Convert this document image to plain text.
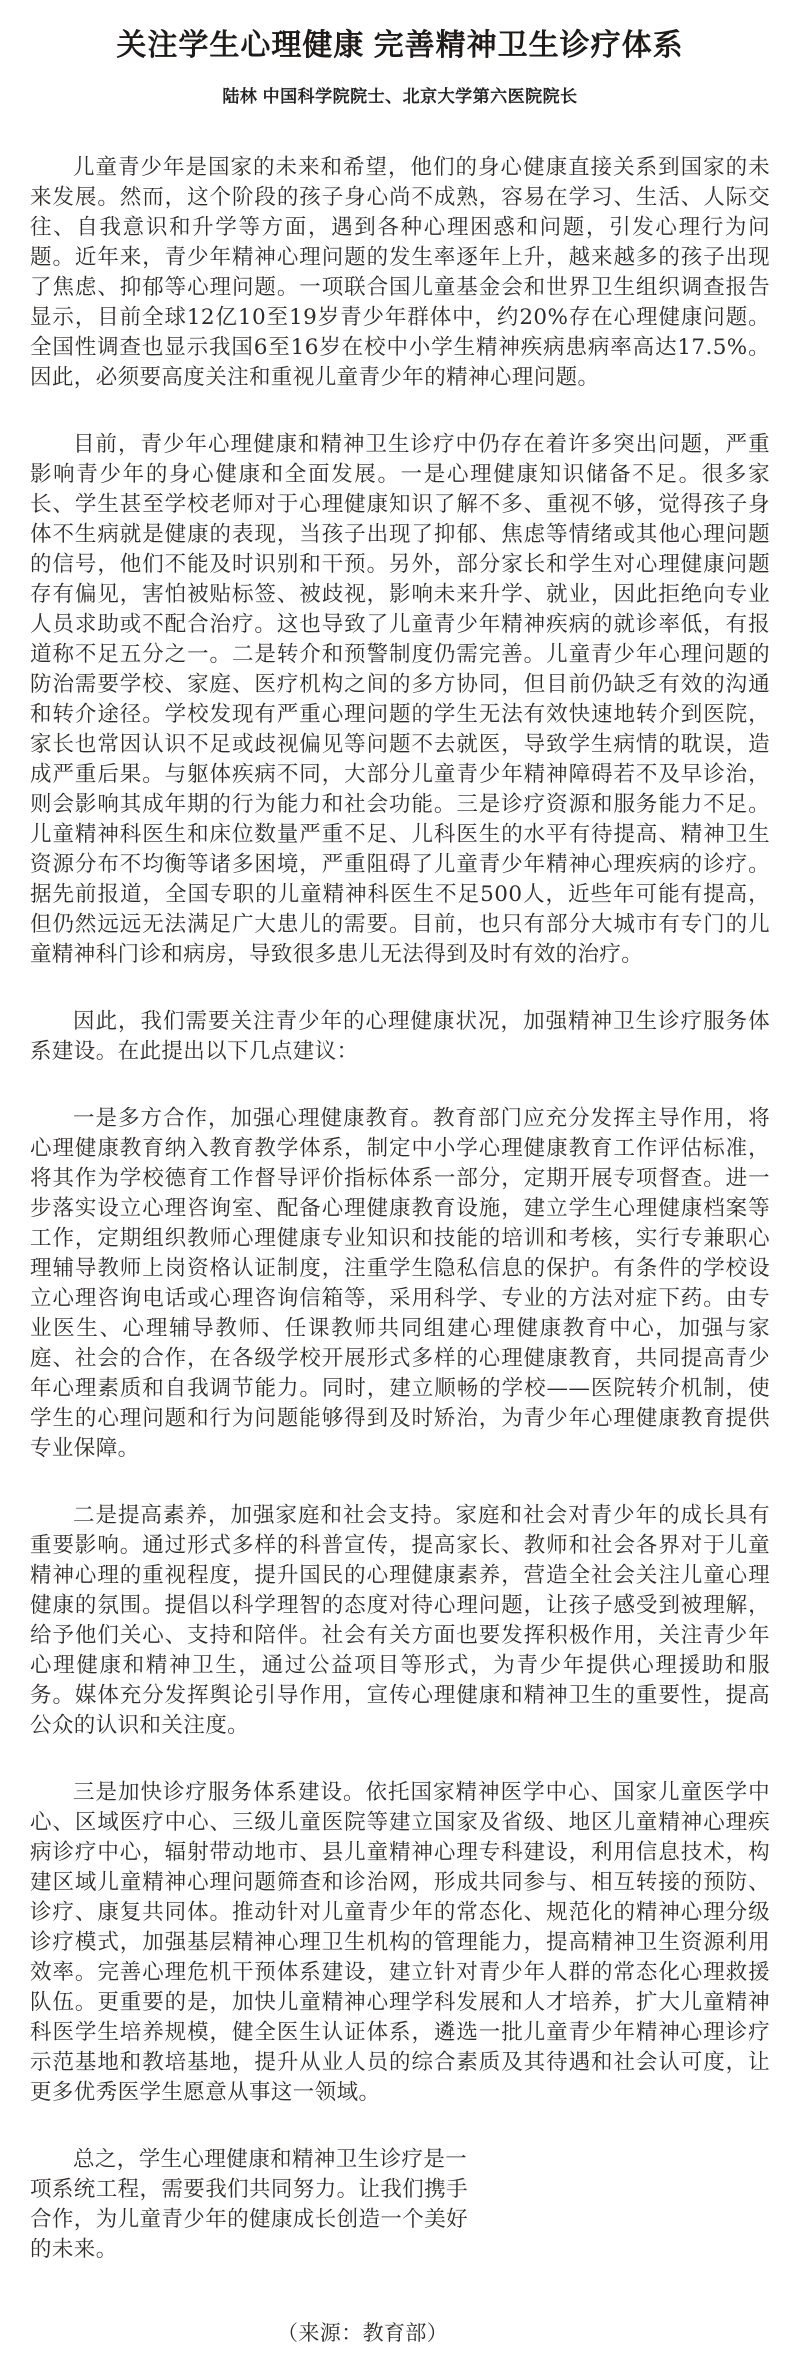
关注学生心理健康 完善精神卫生诊疗体系
陆林 中国科学院院士、北京大学第六医院院长

儿童青少年是国家的未来和希望，他们的身心健康直接关系到国家的未来发展。然而，这个阶段的孩子身心尚不成熟，容易在学习、生活、人际交往、自我意识和升学等方面，遇到各种心理困惑和问题，引发心理行为问题。近年来，青少年精神心理问题的发生率逐年上升，越来越多的孩子出现了焦虑、抑郁等心理问题。一项联合国儿童基金会和世界卫生组织调查报告显示，目前全球12亿10至19岁青少年群体中，约20%存在心理健康问题。全国性调查也显示我国6至16岁在校中小学生精神疾病患病率高达17.5%。因此，必须要高度关注和重视儿童青少年的精神心理问题。

目前，青少年心理健康和精神卫生诊疗中仍存在着许多突出问题，严重影响青少年的身心健康和全面发展。一是心理健康知识储备不足。很多家长、学生甚至学校老师对于心理健康知识了解不多、重视不够，觉得孩子身体不生病就是健康的表现，当孩子出现了抑郁、焦虑等情绪或其他心理问题的信号，他们不能及时识别和干预。另外，部分家长和学生对心理健康问题存有偏见，害怕被贴标签、被歧视，影响未来升学、就业，因此拒绝向专业人员求助或不配合治疗。这也导致了儿童青少年精神疾病的就诊率低，有报道称不足五分之一。二是转介和预警制度仍需完善。儿童青少年心理问题的防治需要学校、家庭、医疗机构之间的多方协同，但目前仍缺乏有效的沟通和转介途径。学校发现有严重心理问题的学生无法有效快速地转介到医院，家长也常因认识不足或歧视偏见等问题不去就医，导致学生病情的耽误，造成严重后果。与躯体疾病不同，大部分儿童青少年精神障碍若不及早诊治，则会影响其成年期的行为能力和社会功能。三是诊疗资源和服务能力不足。儿童精神科医生和床位数量严重不足、儿科医生的水平有待提高、精神卫生资源分布不均衡等诸多困境，严重阻碍了儿童青少年精神心理疾病的诊疗。据先前报道，全国专职的儿童精神科医生不足500人，近些年可能有提高，但仍然远远无法满足广大患儿的需要。目前，也只有部分大城市有专门的儿童精神科门诊和病房，导致很多患儿无法得到及时有效的治疗。

因此，我们需要关注青少年的心理健康状况，加强精神卫生诊疗服务体系建设。在此提出以下几点建议：

一是多方合作，加强心理健康教育。教育部门应充分发挥主导作用，将心理健康教育纳入教育教学体系，制定中小学心理健康教育工作评估标准，将其作为学校德育工作督导评价指标体系一部分，定期开展专项督查。进一步落实设立心理咨询室、配备心理健康教育设施，建立学生心理健康档案等工作，定期组织教师心理健康专业知识和技能的培训和考核，实行专兼职心理辅导教师上岗资格认证制度，注重学生隐私信息的保护。有条件的学校设立心理咨询电话或心理咨询信箱等，采用科学、专业的方法对症下药。由专业医生、心理辅导教师、任课教师共同组建心理健康教育中心，加强与家庭、社会的合作，在各级学校开展形式多样的心理健康教育，共同提高青少年心理素质和自我调节能力。同时，建立顺畅的学校——医院转介机制，使学生的心理问题和行为问题能够得到及时矫治，为青少年心理健康教育提供专业保障。

二是提高素养，加强家庭和社会支持。家庭和社会对青少年的成长具有重要影响。通过形式多样的科普宣传，提高家长、教师和社会各界对于儿童精神心理的重视程度，提升国民的心理健康素养，营造全社会关注儿童心理健康的氛围。提倡以科学理智的态度对待心理问题，让孩子感受到被理解，给予他们关心、支持和陪伴。社会有关方面也要发挥积极作用，关注青少年心理健康和精神卫生，通过公益项目等形式，为青少年提供心理援助和服务。媒体充分发挥舆论引导作用，宣传心理健康和精神卫生的重要性，提高公众的认识和关注度。

三是加快诊疗服务体系建设。依托国家精神医学中心、国家儿童医学中心、区域医疗中心、三级儿童医院等建立国家及省级、地区儿童精神心理疾病诊疗中心，辐射带动地市、县儿童精神心理专科建设，利用信息技术，构建区域儿童精神心理问题筛查和诊治网，形成共同参与、相互转接的预防、诊疗、康复共同体。推动针对儿童青少年的常态化、规范化的精神心理分级诊疗模式，加强基层精神心理卫生机构的管理能力，提高精神卫生资源利用效率。完善心理危机干预体系建设，建立针对青少年人群的常态化心理救援队伍。更重要的是，加快儿童精神心理学科发展和人才培养，扩大儿童精神科医学生培养规模，健全医生认证体系，遴选一批儿童青少年精神心理诊疗示范基地和教培基地，提升从业人员的综合素质及其待遇和社会认可度，让更多优秀医学生愿意从事这一领域。

总之，学生心理健康和精神卫生诊疗是一项系统工程，需要我们共同努力。让我们携手合作，为儿童青少年的健康成长创造一个美好的未来。

（来源：教育部）
